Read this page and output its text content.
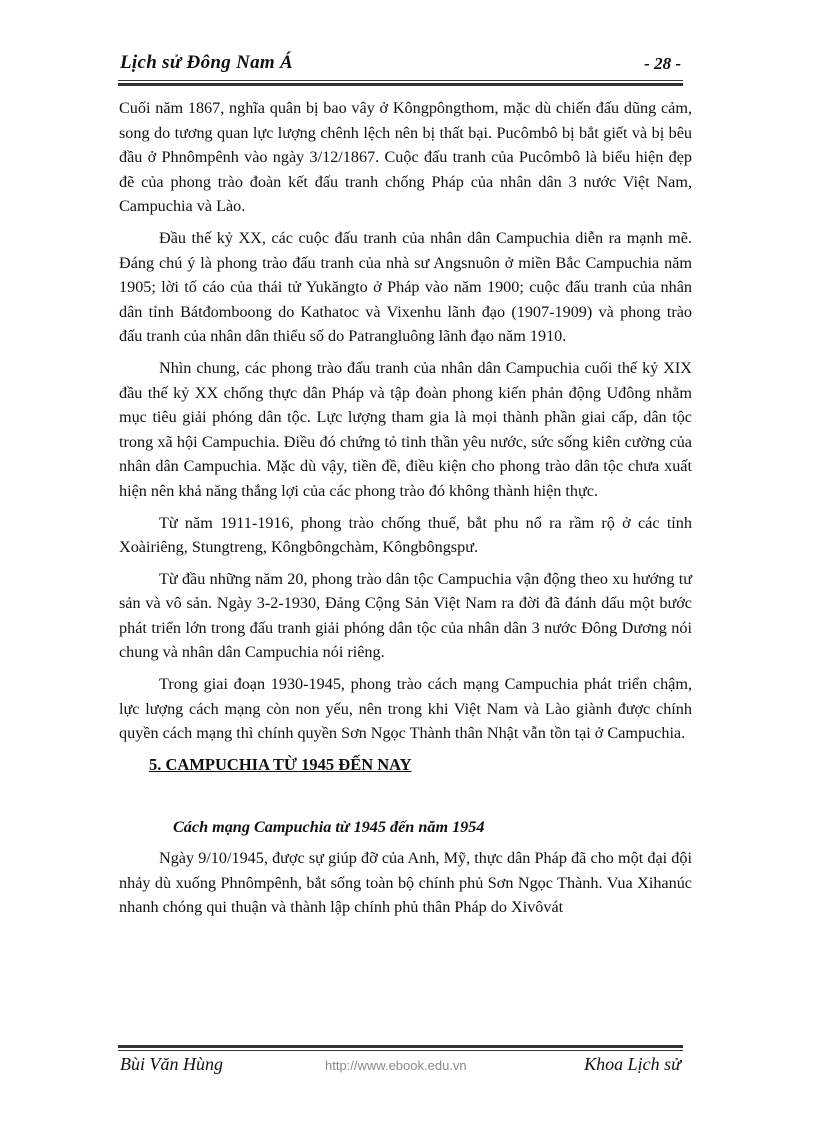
Lịch sử Đông Nam Á	- 28 -

Cuối năm 1867, nghĩa quân bị bao vây ở Kôngpôngthom, mặc dù chiến đấu dũng cảm, song do tương quan lực lượng chênh lệch nên bị thất bại. Pucômbô bị bắt giết và bị bêu đầu ở Phnômpênh vào ngày 3/12/1867. Cuộc đấu tranh của Pucômbô là biểu hiện đẹp đẽ của phong trào đoàn kết đấu tranh chống Pháp của nhân dân 3 nước Việt Nam, Campuchia và Lào.

Đầu thế kỷ XX, các cuộc đấu tranh của nhân dân Campuchia diễn ra mạnh mẽ. Đáng chú ý là phong trào đấu tranh của nhà sư Angsnuôn ở miền Bắc Campuchia năm 1905; lời tố cáo của thái tử Yukăngto ở Pháp vào năm 1900; cuộc đấu tranh của nhân dân tỉnh Bátđomboong do Kathatoc và Vixenhu lãnh đạo (1907-1909) và phong trào đấu tranh của nhân dân thiểu số do Patrangluông lãnh đạo năm 1910.

Nhìn chung, các phong trào đấu tranh của nhân dân Campuchia cuối thế kỷ XIX đầu thế kỷ XX chống thực dân Pháp và tập đoàn phong kiến phản động Uđông nhằm mục tiêu giải phóng dân tộc. Lực lượng tham gia là mọi thành phần giai cấp, dân tộc trong xã hội Campuchia. Điều đó chứng tỏ tinh thần yêu nước, sức sống kiên cường của nhân dân Campuchia. Mặc dù vậy, tiền đề, điều kiện cho phong trào dân tộc chưa xuất hiện nên khả năng thắng lợi của các phong trào đó không thành hiện thực.

Từ năm 1911-1916, phong trào chống thuế, bắt phu nổ ra rầm rộ ở các tỉnh Xoàiriêng, Stungtreng, Kôngbôngchàm, Kôngbôngspư.

Từ đầu những năm 20, phong trào dân tộc Campuchia vận động theo xu hướng tư sản và vô sản. Ngày 3-2-1930, Đảng Cộng Sản Việt Nam ra đời đã đánh dấu một bước phát triển lớn trong đấu tranh giải phóng dân tộc của nhân dân 3 nước Đông Dương nói chung và nhân dân Campuchia nói riêng.

Trong giai đoạn 1930-1945, phong trào cách mạng Campuchia phát triển chậm, lực lượng cách mạng còn non yếu, nên trong khi Việt Nam và Lào giành được chính quyền cách mạng thì chính quyền Sơn Ngọc Thành thân Nhật vẫn tồn tại ở Campuchia.

5. CAMPUCHIA TỪ 1945 ĐẾN NAY
Cách mạng Campuchia từ 1945 đến năm 1954

Ngày 9/10/1945, được sự giúp đỡ của Anh, Mỹ, thực dân Pháp đã cho một đại đội nhảy dù xuống Phnômpênh, bắt sống toàn bộ chính phủ Sơn Ngọc Thành. Vua Xihanúc nhanh chóng qui thuận và thành lập chính phủ thân Pháp do Xivôvát

Bùi Văn Hùng	http://www.ebook.edu.vn	Khoa Lịch sử
